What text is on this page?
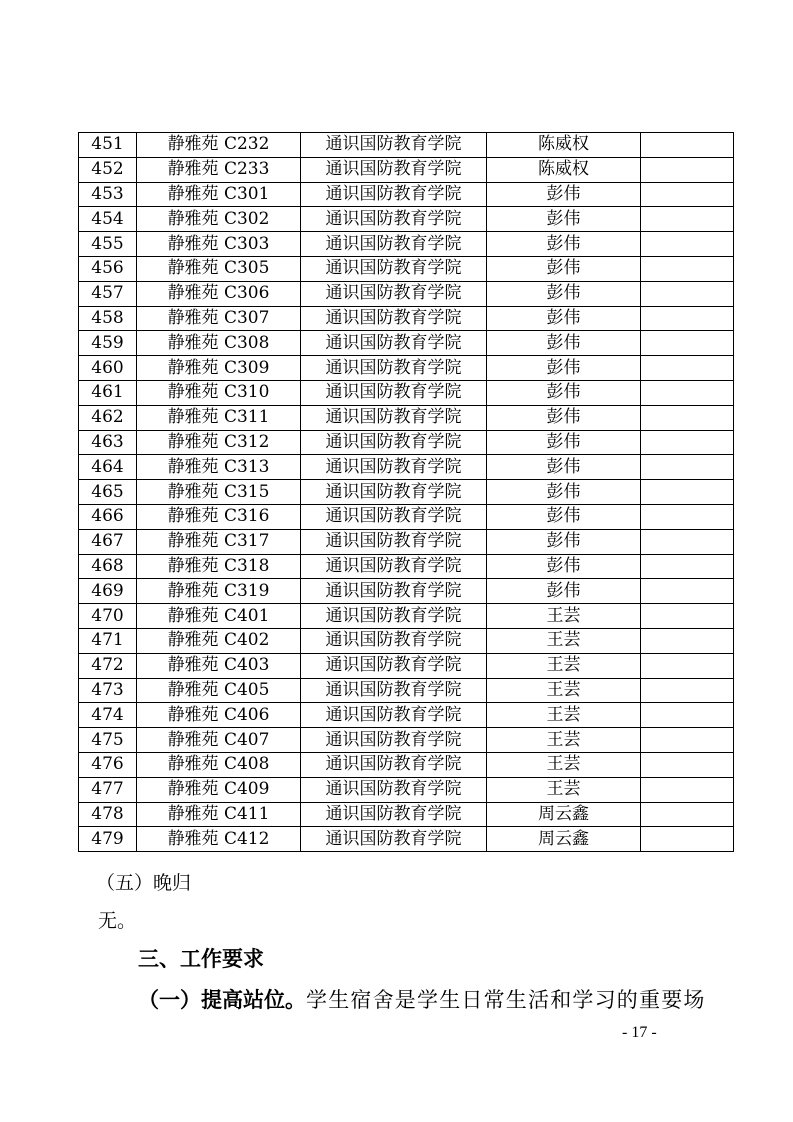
451	静雅苑 C232	通识国防教育学院	陈威权	
452	静雅苑 C233	通识国防教育学院	陈威权	
453	静雅苑 C301	通识国防教育学院	彭伟	
454	静雅苑 C302	通识国防教育学院	彭伟	
455	静雅苑 C303	通识国防教育学院	彭伟	
456	静雅苑 C305	通识国防教育学院	彭伟	
457	静雅苑 C306	通识国防教育学院	彭伟	
458	静雅苑 C307	通识国防教育学院	彭伟	
459	静雅苑 C308	通识国防教育学院	彭伟	
460	静雅苑 C309	通识国防教育学院	彭伟	
461	静雅苑 C310	通识国防教育学院	彭伟	
462	静雅苑 C311	通识国防教育学院	彭伟	
463	静雅苑 C312	通识国防教育学院	彭伟	
464	静雅苑 C313	通识国防教育学院	彭伟	
465	静雅苑 C315	通识国防教育学院	彭伟	
466	静雅苑 C316	通识国防教育学院	彭伟	
467	静雅苑 C317	通识国防教育学院	彭伟	
468	静雅苑 C318	通识国防教育学院	彭伟	
469	静雅苑 C319	通识国防教育学院	彭伟	
470	静雅苑 C401	通识国防教育学院	王芸	
471	静雅苑 C402	通识国防教育学院	王芸	
472	静雅苑 C403	通识国防教育学院	王芸	
473	静雅苑 C405	通识国防教育学院	王芸	
474	静雅苑 C406	通识国防教育学院	王芸	
475	静雅苑 C407	通识国防教育学院	王芸	
476	静雅苑 C408	通识国防教育学院	王芸	
477	静雅苑 C409	通识国防教育学院	王芸	
478	静雅苑 C411	通识国防教育学院	周云鑫	
479	静雅苑 C412	通识国防教育学院	周云鑫	
（五）晚归
无。
三、工作要求
（一）提高站位。学生宿舍是学生日常生活和学习的重要场
- 17 -
